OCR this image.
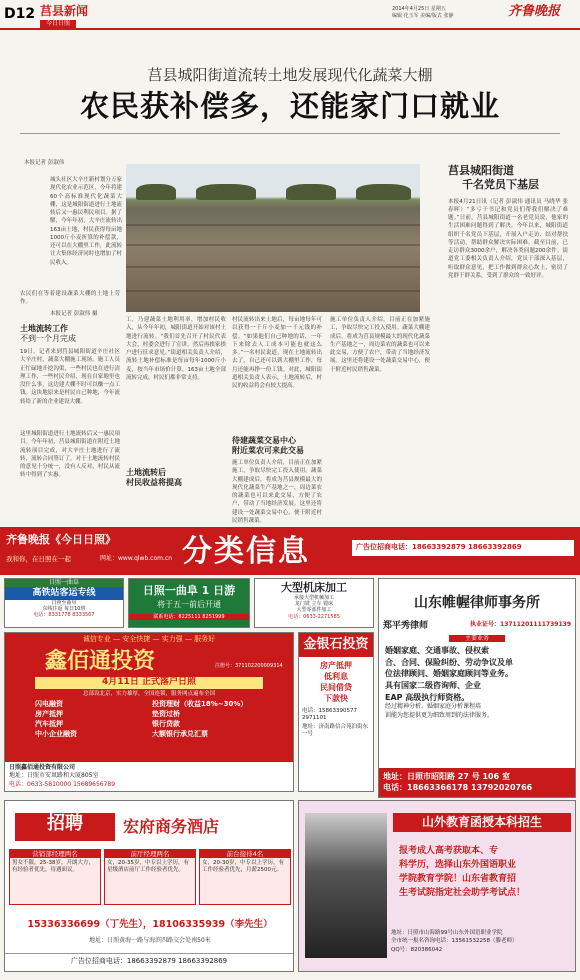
D12 莒县新闻
今日日照
2014年4月25日 星期五
编辑 化玉军 美编/版式 张静	齐鲁晚报
莒县城阳街道流转土地发展现代化蔬菜大棚
农民获补偿多，还能家门口就业
本报记者 彭淑伟
城头社区大辛庄新村划分万家现代化农业示范区，今年将建60个高标准现代化蔬菜大棚，这是城阳街道进行土地流转后又一惠民利民项目。据了解，今年年初，大辛庄流转出163亩土地，村民获得每亩地1000斤小麦折算的补偿款，还可以在大棚里工作，此流转让大集体经济同时也增加了村民收入。
农民们在等着建设蔬菜大棚的土地上劳作。
本报记者 彭淑伟 摄
土地流转工作
不到一个月完成
19日，记者来到莒县城阳街道辛庄社区大辛庄村，蔬菜大棚施工现场，施工人员正忙碌地开挖沟渠，一些村民也在进行清理工作，一些村民介绍，现在自家地里也没什么事，这边建大棚不时可以赚一点工钱。这块地原来是村民自己种地，今年流转给了新的企业建设大棚。
这里城阳街道进行土地流转后又一惠民项目。今年年初，莒县城阳街道在附近土地流转项目完成，对大辛庄土地进行了流转，流转合同签订了，对于土地流转村民的意见十分统一，没有人反对，村民从流转中得到了实惠。
工，乃建蔬菜土地利用率，增加村民收入，从今年年初，城阳街道开始对该村土地进行流转。“我们首先召开了村民代表大会，村委会进行了宣讲，然后再挨家挨户进行征求意见。”街道相关负责人介绍，流转土地补偿标准是每亩每年1000斤小麦，按当年市场价计算，163亩土地全部流转完成，村民们都非常支持。
土地流转后
村民收益将提高
村民流转出来土地后，每亩地每年可以获得一千斤小麦加一千元钱的补偿。“如果他们自己种地的话，一年下来除去人工成本可能也就这么多。”一名村民说道，现在土地流转出去了，自己还可以到大棚里工作，每月还能再挣一份工钱。对此，城阳街道相关负责人表示，土地流转后，村民的收益将会有较大提高。
待建蔬菜交易中心
附近菜农可来此交易
施工单位负责人介绍，目前正在加紧施工，争取尽快完工投入使用。蔬菜大棚建成后，将成为莒县规模最大的现代化蔬菜生产基地之一，周边菜农的蔬菜也可以来此交易，方便了农户，带动了当地经济发展。这里还将建设一处蔬菜交易中心，便于附近村民销售蔬菜。
施工单位负责人介绍，目前正在加紧施工，争取尽快完工投入使用。蔬菜大棚建成后，将成为莒县规模最大的现代化蔬菜生产基地之一，周边菜农的蔬菜也可以来此交易，方便了农户，带动了当地经济发展。这里还将建设一处蔬菜交易中心，便于附近村民销售蔬菜。
莒县城阳街道
千名党员下基层
本报4月21日讯（记者 彭淑伟 通讯员 马晓华 张春晖）“多亏于书记和党员们帮我们解决了难题。”日前，莒县城阳街道一名老党员说，他家的生活困难问题得到了解决。今年以来，城阳街道组织千名党员下基层，开展入户走访、结对帮扶等活动，帮助群众解决实际困难。截至目前，已走访群众3000余户，解决各类问题200余件。街道党工委相关负责人介绍，党员干部深入基层，听取群众意见，把工作做到群众心坎上，密切了党群干群关系，受到了群众的一致好评。
齐鲁晚报《今日日照》
我和你，在日照在一起	网址：www.qlwb.com.cn 分类信息	广告位招商电话：18663392879 18663392869
日照一曲阜
高铁站客运专线
日照至曲阜
东线往返 每日10班
电话：8331778 8333567
日照一曲阜 1 日游
将于五一前后开通
联系电话：8225111 8251999
大型机床加工
承接大型机械加工
龙门铣 立车 镗床
大型零部件加工
电话：0633-2271585
山东帷幄律师事务所
郑平秀律师	执业证号：13711201111739139
主要业务
婚姻家庭、交通事故、侵权索
合、合同、保险纠纷、劳动争议及单
位法律顾问、婚姻家庭顾问等业务。
具有国家二级咨询师、企业
EAP 高级执行师资格。
经过精神分析、婚姻家庭分析课程培
训能为您提供更为细致周到的法律服务。
地址：日照市昭阳路 27 号 106 室
电话：18663366178 13792020766
诚信专业 — 安全快捷 — 实力强 — 服务好
鑫佰通投资	注册号：371102200009314
4月11日 正式落户日照
总部设北京，实力雄厚，全国连锁，服务网点遍布全国
闪电融资	投资理财（收益18%~30%）
房产抵押	垫资过桥
汽车抵押	银行贷款
中小企业融资	大额银行承兑汇票
日照鑫佰通投资有限公司
地址：日照市安岚路和大厦805室
电话：0633-5810000 15689656789
金银石投资
房产抵押
低利息
民间借贷
下款快
电话：15863390577 2971101
地址：济南路信合苑泊街东一号
招聘	宏府商务酒店
营销部经理两名
男女不限，25-38岁，开朗大方，有经验者优先，待遇面议。
前厅经理两名
女，20-35岁，中专以上学历，有星级酒店前厅工作经验者优先。
前台接待4名
女，20-30岁，中专以上学历，有工作经验者优先，月薪2500元。
15336336699（丁先生），18106335939（李先生）
地址：日照黄海一路与海滨四路交会处南50米
广告位招商电话：18663392879 18663392869
山外教育函授本科招生
报考成人高考获取本、专
科学历，选择山东外国语职业
学院教育学院！山东省教育招
生考试院指定社会助学考试点！
地址：日照市山海路99号山东外国语职业学院
全市统一报名咨询电话：13561532258（滕老师）
QQ号：820386042
